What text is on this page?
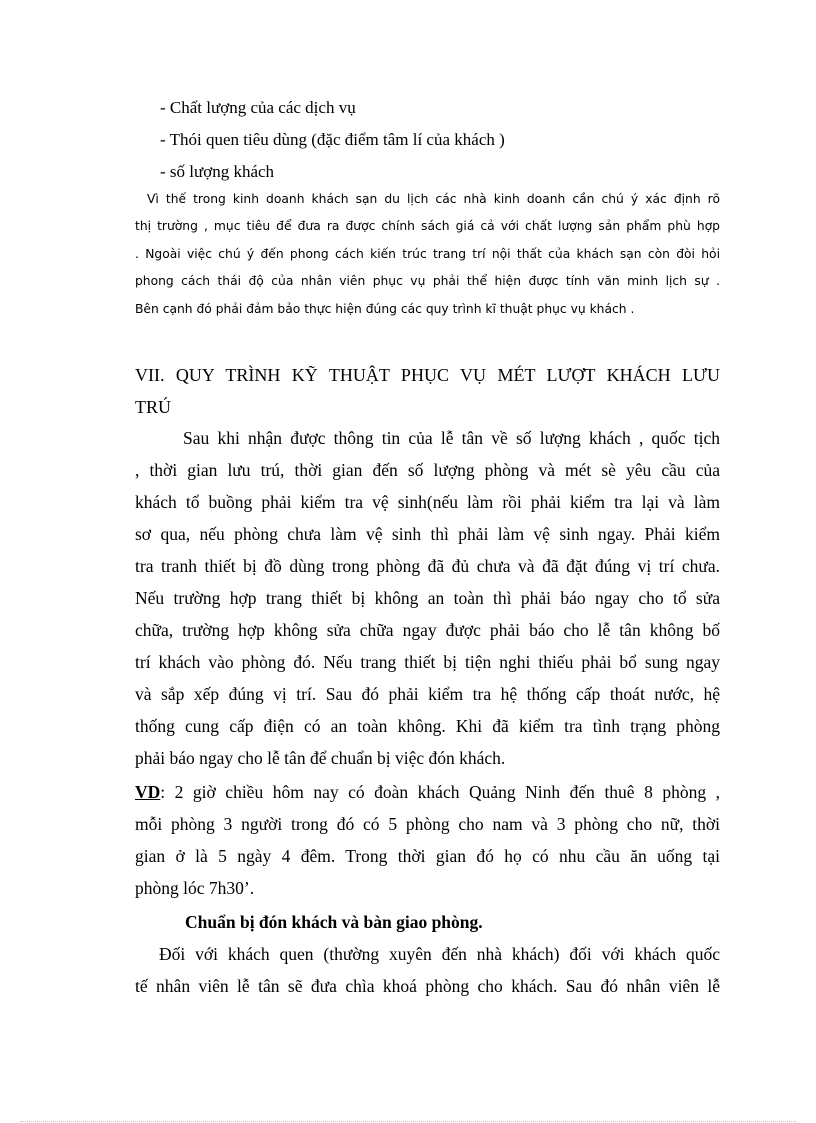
- Chất lượng của các dịch vụ
- Thói quen tiêu dùng (đặc điểm tâm lí của khách )
- số lượng khách
Vì thế trong kinh doanh khách sạn du lịch các nhà kinh doanh cần chú ý xác định rõ
thị trường , mục tiêu để đưa ra được chính sách giá cả với chất lượng sản phẩm phù hợp
. Ngoài việc chú ý đến phong cách kiến trúc trang trí nội thất của khách sạn còn đòi hỏi
phong cách thái độ của nhân viên phục vụ phải thể hiện được tính văn minh lịch sự .
Bên cạnh đó phải đảm bảo thực hiện đúng các quy trình kĩ thuật phục vụ khách .
VII. QUY TRÌNH KỸ THUẬT PHỤC VỤ MÉT LƯỢT KHÁCH LƯU
TRÚ
Sau khi nhận được thông tin của lễ tân về số lượng khách , quốc tịch
, thời gian lưu trú, thời gian đến số lượng phòng và mét sè yêu cầu của
khách tổ buồng phải kiểm tra vệ sinh(nếu làm rồi phải kiểm tra lại và làm
sơ qua, nếu phòng chưa làm vệ sinh thì phải làm vệ sinh ngay. Phải kiểm
tra tranh thiết bị đồ dùng trong phòng đã đủ chưa và đã đặt đúng vị trí chưa.
Nếu trường hợp trang thiết bị không an toàn thì phải báo ngay cho tổ sửa
chữa, trường hợp không sửa chữa ngay được phải báo cho lễ tân không bố
trí khách vào phòng đó. Nếu trang thiết bị tiện nghi thiếu phải bổ sung ngay
và sắp xếp đúng vị trí. Sau đó phải kiểm tra hệ thống cấp thoát nước, hệ
thống cung cấp điện có an toàn không. Khi đã kiểm tra tình trạng phòng
phải báo ngay cho lễ tân để chuẩn bị việc đón khách.
VD: 2 giờ chiều hôm nay có đoàn khách Quảng Ninh đến thuê 8 phòng ,
mỗi phòng 3 người trong đó có 5 phòng cho nam và 3 phòng cho nữ, thời
gian ở là 5 ngày 4 đêm. Trong thời gian đó họ có nhu cầu ăn uống tại
phòng lóc 7h30’.
Chuẩn bị đón khách và bàn giao phòng.
Đối với khách quen (thường xuyên đến nhà khách) đối với khách quốc
tế nhân viên lễ tân sẽ đưa chìa khoá phòng cho khách. Sau đó nhân viên lễ
